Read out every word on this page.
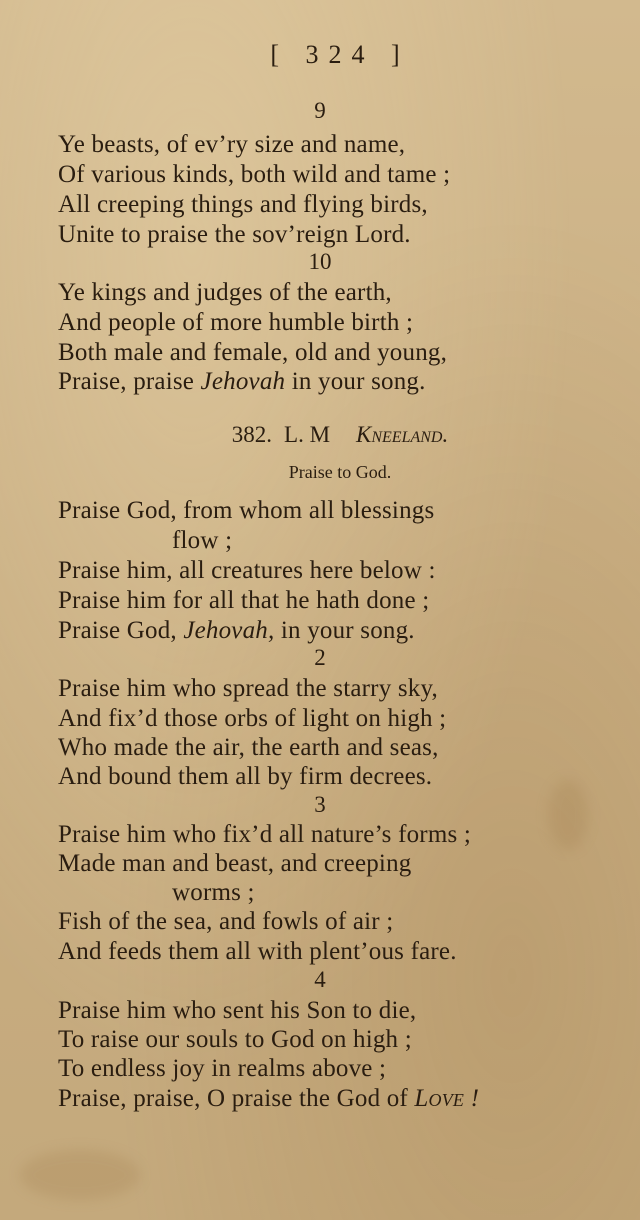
[ 324 ]
9
Ye beasts, of ev’ry size and name,
Of various kinds, both wild and tame ;
All creeping things and flying birds,
Unite to praise the sov’reign Lord.
10
Ye kings and judges of the earth,
And people of more humble birth ;
Both male and female, old and young,
Praise, praise Jehovah in your song.
382. L. M Kneeland.
Praise to God.
Praise God, from whom all blessings
flow ;
Praise him, all creatures here below :
Praise him for all that he hath done ;
Praise God, Jehovah, in your song.
2
Praise him who spread the starry sky,
And fix’d those orbs of light on high ;
Who made the air, the earth and seas,
And bound them all by firm decrees.
3
Praise him who fix’d all nature’s forms ;
Made man and beast, and creeping
worms ;
Fish of the sea, and fowls of air ;
And feeds them all with plent’ous fare.
4
Praise him who sent his Son to die,
To raise our souls to God on high ;
To endless joy in realms above ;
Praise, praise, O praise the God of Love !
